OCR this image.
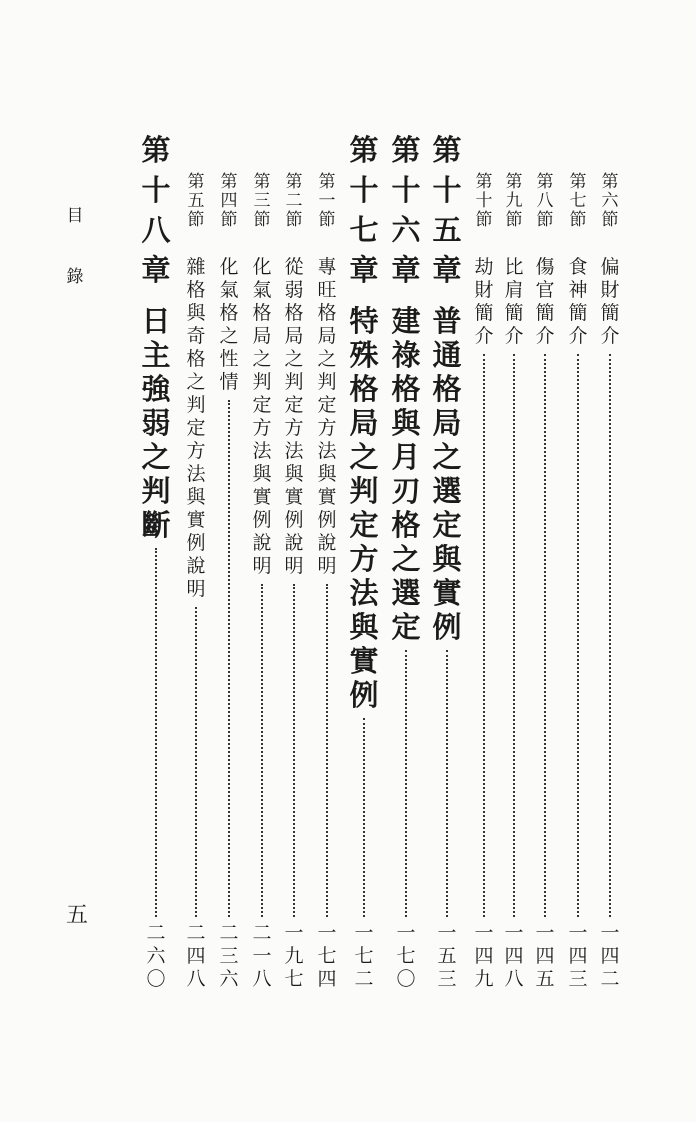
目
錄
五
第
六
節
偏
財
簡
介
一
四
二
第
七
節
食
神
簡
介
一
四
三
第
八
節
傷
官
簡
介
一
四
五
第
九
節
比
肩
簡
介
一
四
八
第
十
節
劫
財
簡
介
一
四
九
第
十
五
章
普
通
格
局
之
選
定
與
實
例
一
五
三
第
十
六
章
建
祿
格
與
月
刃
格
之
選
定
一
七
〇
第
十
七
章
特
殊
格
局
之
判
定
方
法
與
實
例
一
七
二
第
一
節
專
旺
格
局
之
判
定
方
法
與
實
例
說
明
一
七
四
第
二
節
從
弱
格
局
之
判
定
方
法
與
實
例
說
明
一
九
七
第
三
節
化
氣
格
局
之
判
定
方
法
與
實
例
說
明
二
一
八
第
四
節
化
氣
格
之
性
情
二
三
六
第
五
節
雜
格
與
奇
格
之
判
定
方
法
與
實
例
說
明
二
四
八
第
十
八
章
日
主
強
弱
之
判
斷
二
六
〇
